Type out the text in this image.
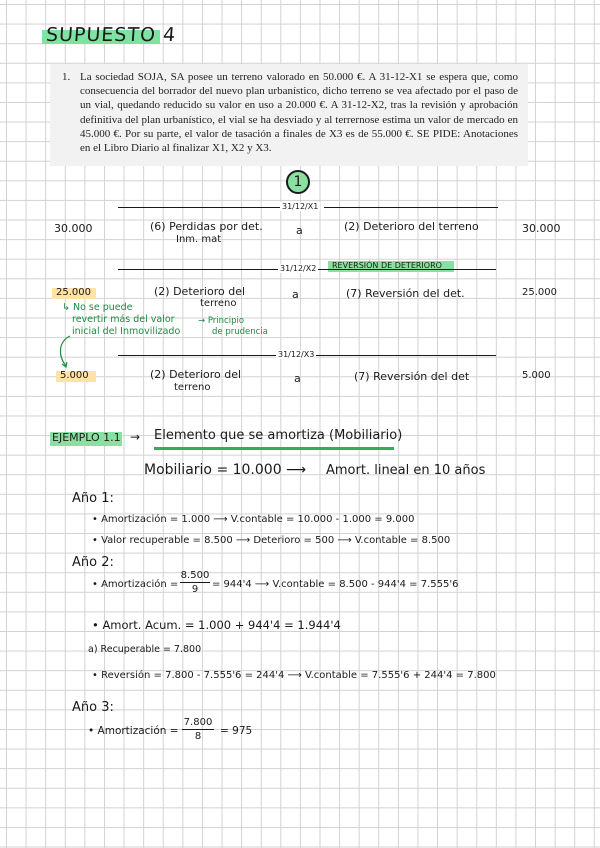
SUPUESTO 4
1. La sociedad SOJA, SA posee un terreno valorado en 50.000 €. A 31-12-X1 se espera que, como consecuencia del borrador del nuevo plan urbanístico, dicho terreno se vea afectado por el paso de un vial, quedando reducido su valor en uso a 20.000 €. A 31-12-X2, tras la revisión y aprobación definitiva del plan urbanístico, el vial se ha desviado y al terrernose estima un valor de mercado en 45.000 €. Por su parte, el valor de tasación a finales de X3 es de 55.000 €. SE PIDE: Anotaciones en el Libro Diario al finalizar X1, X2 y X3.
1
31/12/X1
30.000	(6) Perdidas por det.
Inm. mat
a	(2) Deterioro del terreno	30.000
31/12/X2 REVERSIÓN DE DETERIORO
25.000	(2) Deterioro del
terreno
a	(7) Reversión del det.	25.000
↳ No se puede
revertir más del valor
inicial del Inmovilizado
→ Principio
de prudencia
31/12/X3
5.000	(2) Deterioro del
terreno
a	(7) Reversión del det	5.000
EJEMPLO 1.1 → Elemento que se amortiza (Mobiliario)
Mobiliario = 10.000 ⟶ Amort. lineal en 10 años
Año 1:
• Amortización = 1.000 ⟶ V.contable = 10.000 - 1.000 = 9.000
• Valor recuperable = 8.500 ⟶ Deterioro = 500 ⟶ V.contable = 8.500
Año 2:
• Amortización =
8.500
9	= 944'4 ⟶ V.contable = 8.500 - 944'4 = 7.555'6
• Amort. Acum. = 1.000 + 944'4 = 1.944'4
a) Recuperable = 7.800
• Reversión = 7.800 - 7.555'6 = 244'4 ⟶ V.contable = 7.555'6 + 244'4 = 7.800
Año 3:
• Amortización =
7.800
8	= 975
